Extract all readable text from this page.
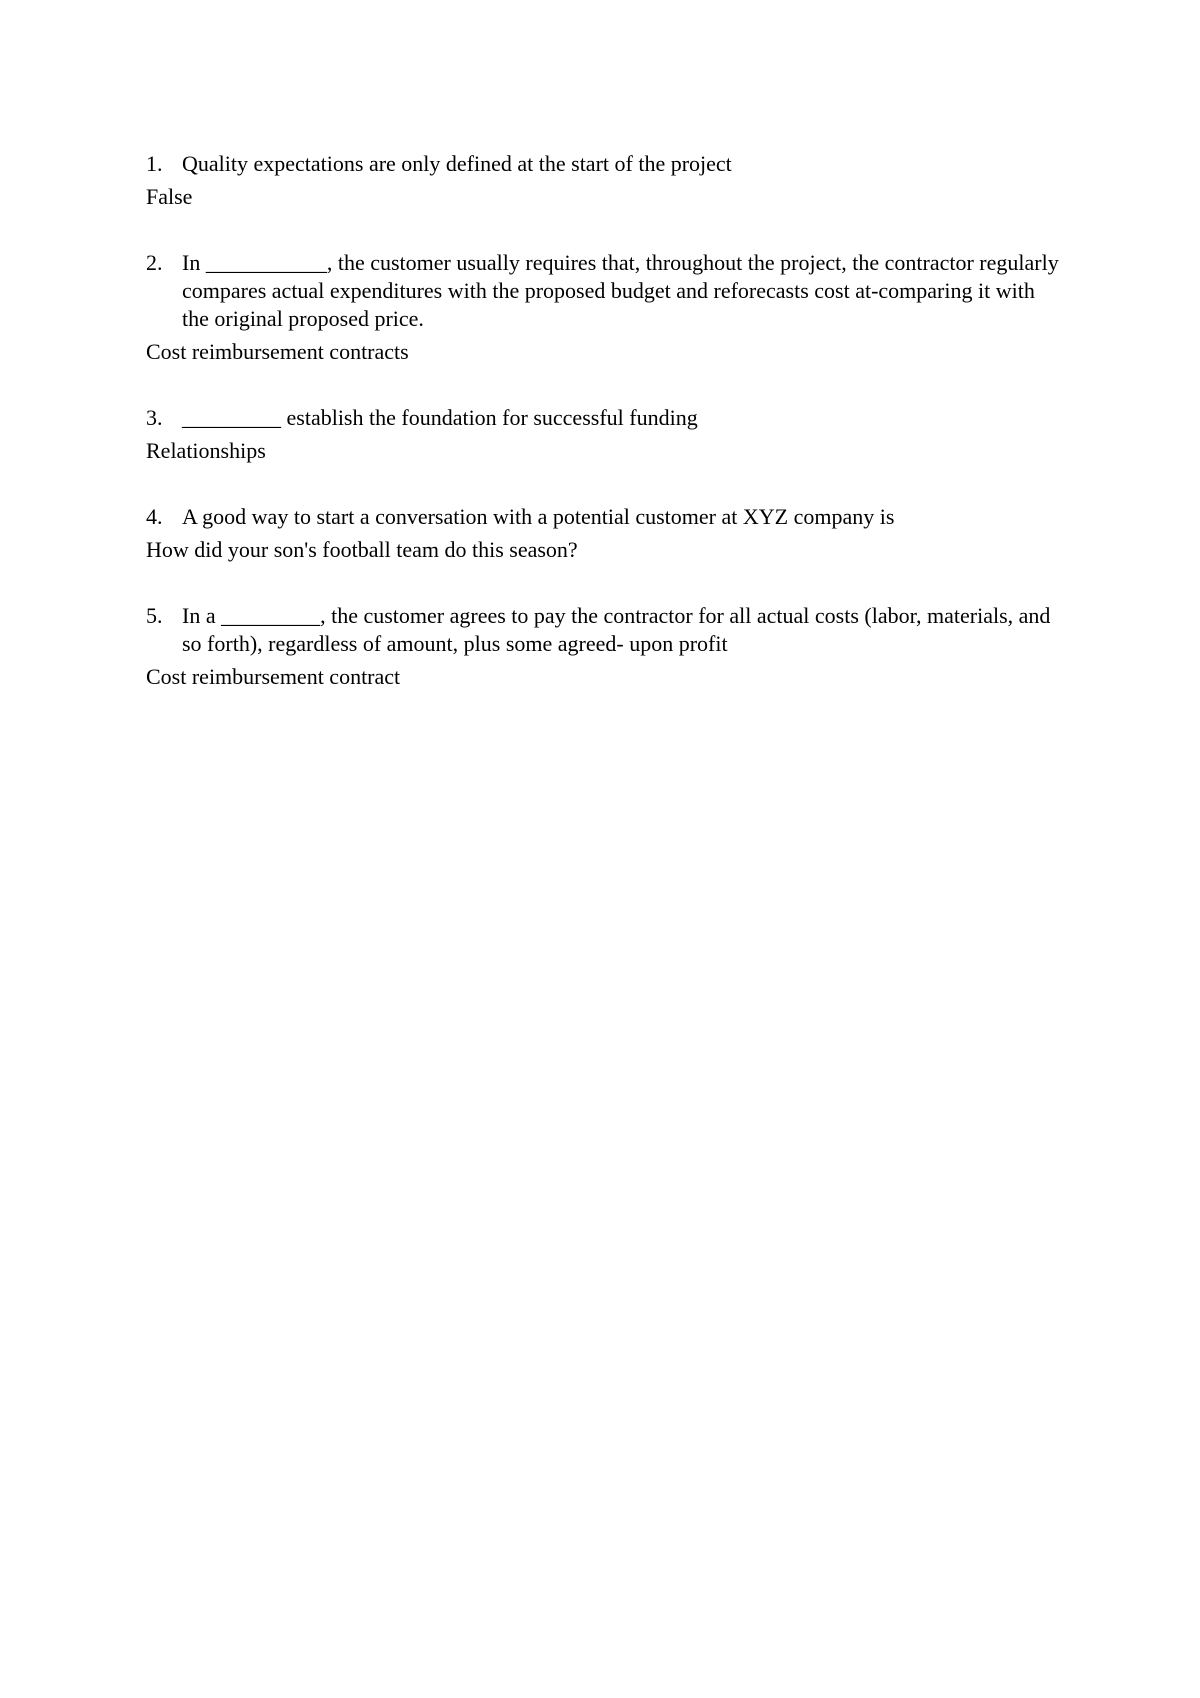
1. Quality expectations are only defined at the start of the project
False
2. In ___________, the customer usually requires that, throughout the project, the contractor regularly compares actual expenditures with the proposed budget and reforecasts cost at-comparing it with the original proposed price.
Cost reimbursement contracts
3. _________ establish the foundation for successful funding
Relationships
4. A good way to start a conversation with a potential customer at XYZ company is
How did your son's football team do this season?
5. In a _________, the customer agrees to pay the contractor for all actual costs (labor, materials, and so forth), regardless of amount, plus some agreed- upon profit
Cost reimbursement contract
